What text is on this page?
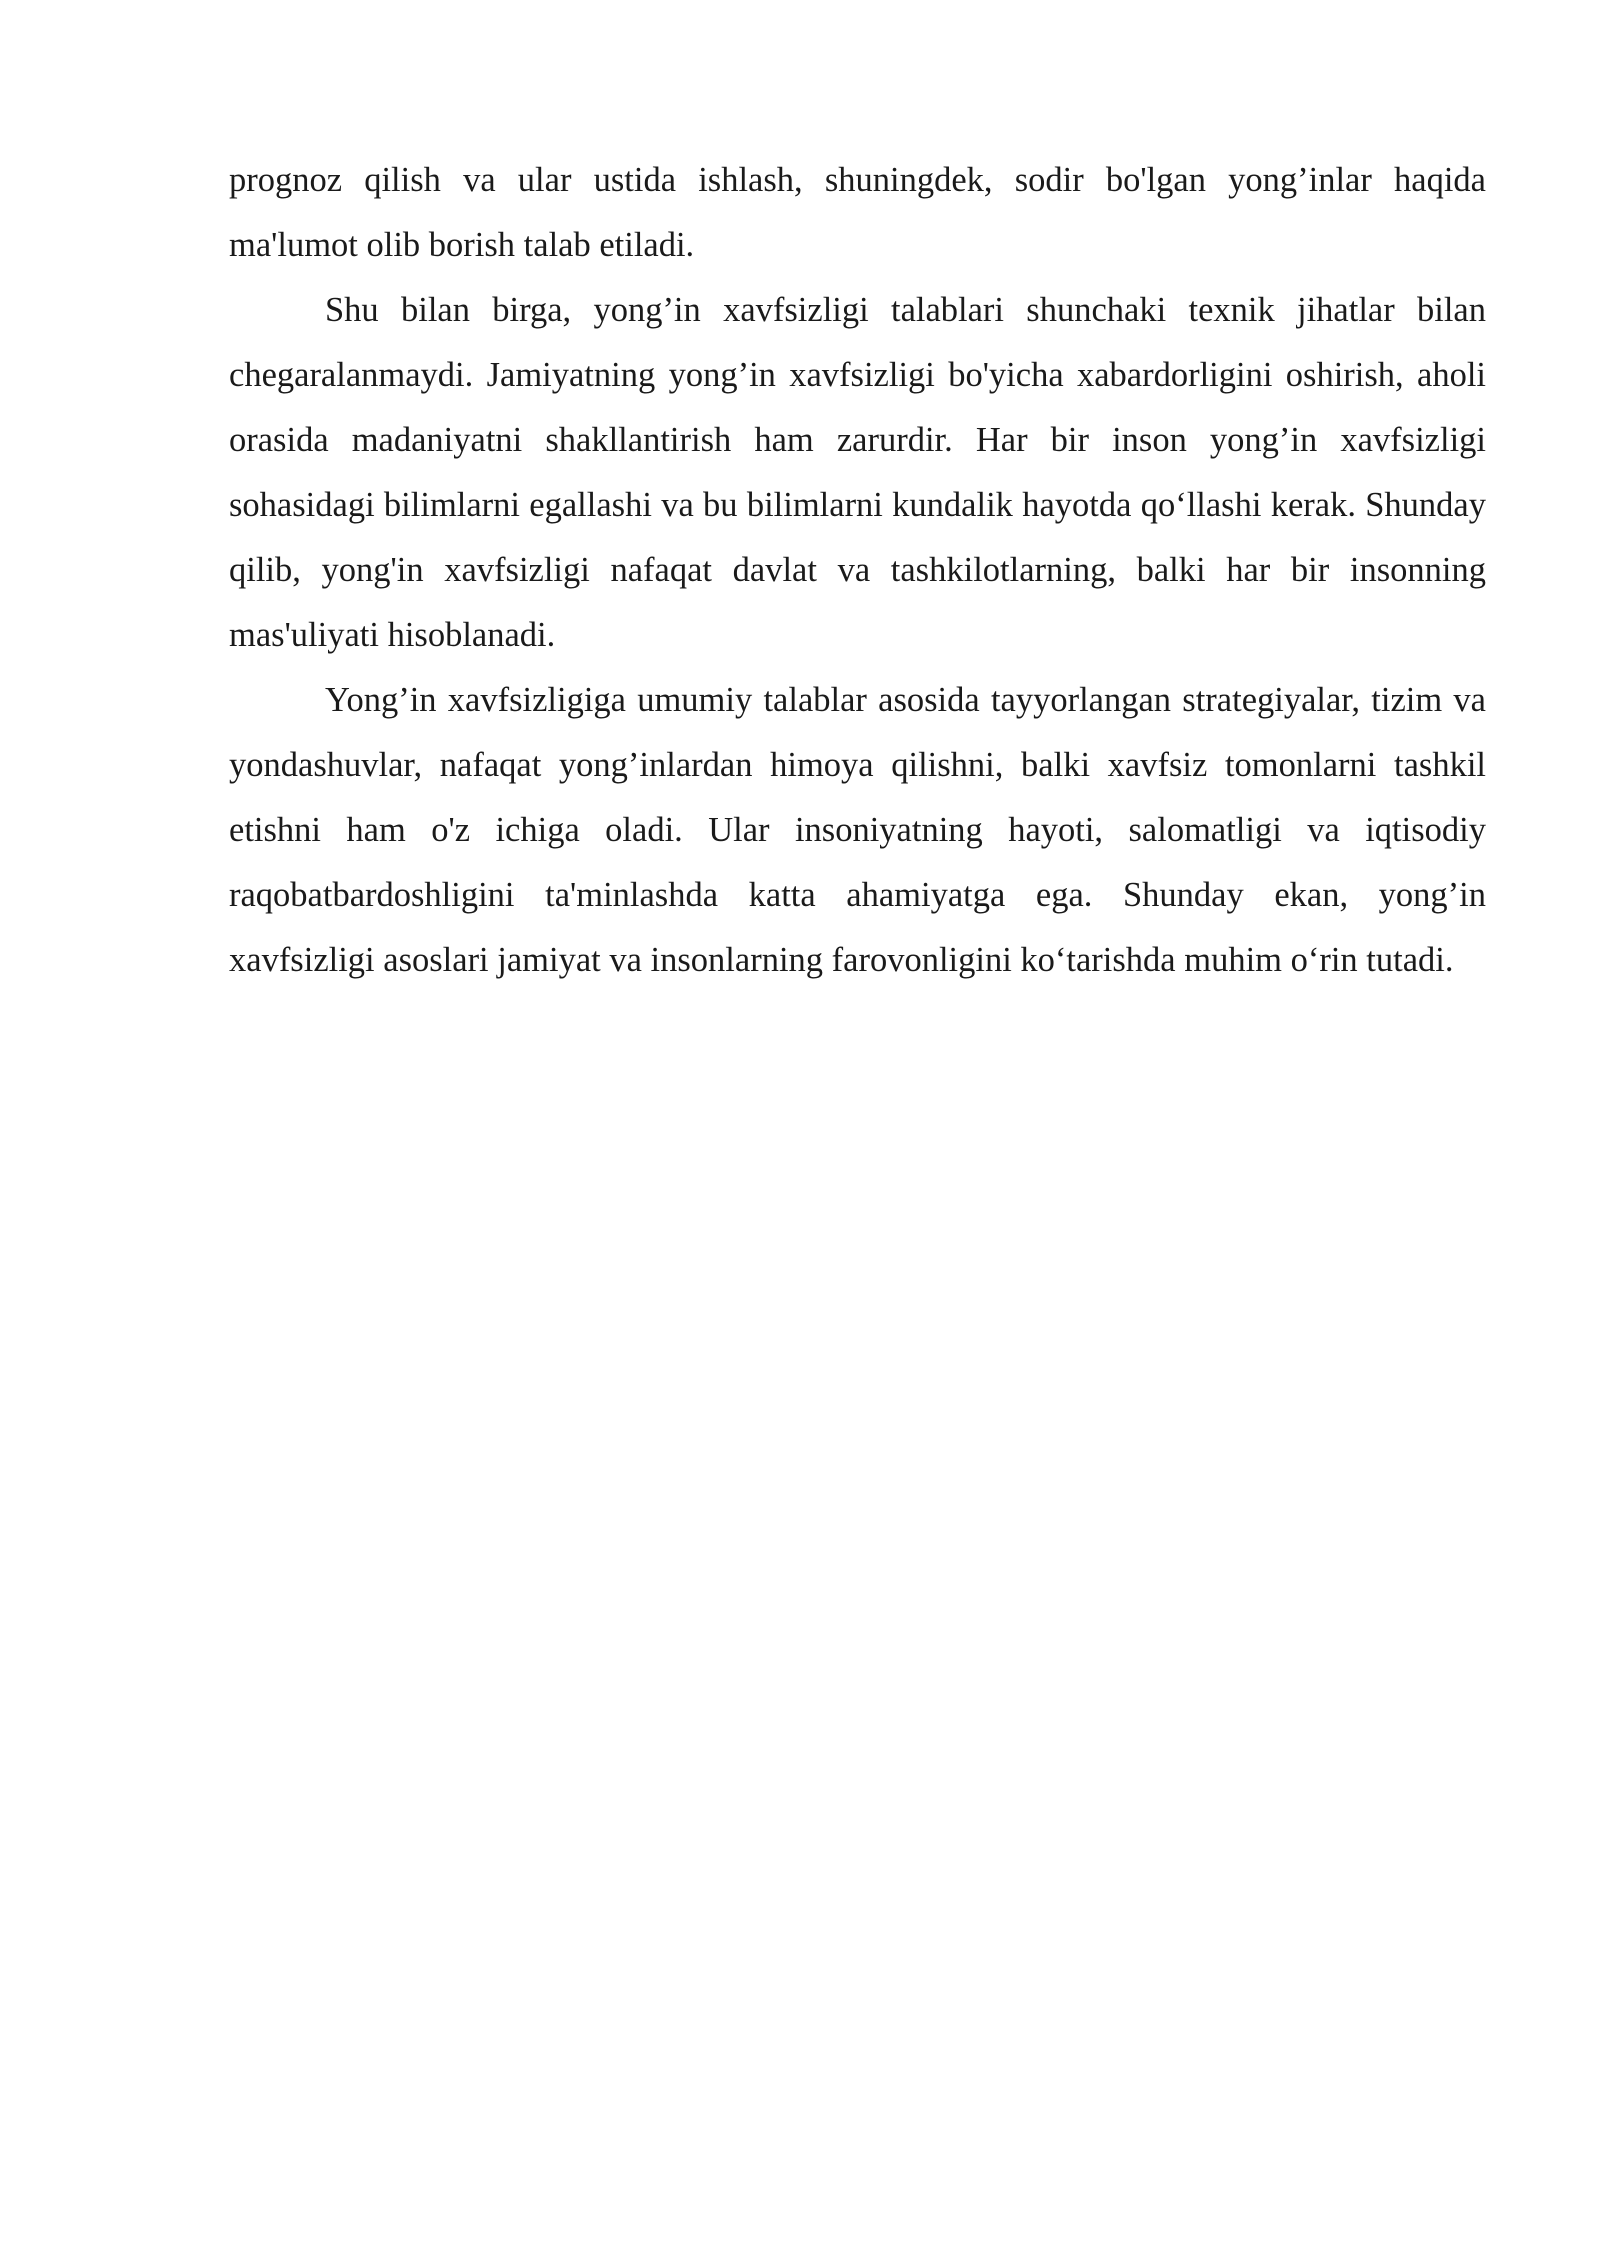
prognoz qilish va ular ustida ishlash, shuningdek, sodir bo'lgan yong’inlar haqida ma'lumot olib borish talab etiladi.

Shu bilan birga, yong’in xavfsizligi talablari shunchaki texnik jihatlar bilan chegaralanmaydi. Jamiyatning yong’in xavfsizligi bo'yicha xabardorligini oshirish, aholi orasida madaniyatni shakllantirish ham zarurdir. Har bir inson yong’in xavfsizligi sohasidagi bilimlarni egallashi va bu bilimlarni kundalik hayotda qo‘llashi kerak. Shunday qilib, yong'in xavfsizligi nafaqat davlat va tashkilotlarning, balki har bir insonning mas'uliyati hisoblanadi.

Yong’in xavfsizligiga umumiy talablar asosida tayyorlangan strategiyalar, tizim va yondashuvlar, nafaqat yong’inlardan himoya qilishni, balki xavfsiz tomonlarni tashkil etishni ham o'z ichiga oladi. Ular insoniyatning hayoti, salomatligi va iqtisodiy raqobatbardoshligini ta'minlashda katta ahamiyatga ega. Shunday ekan, yong’in xavfsizligi asoslari jamiyat va insonlarning farovonligini ko‘tarishda muhim o‘rin tutadi.
